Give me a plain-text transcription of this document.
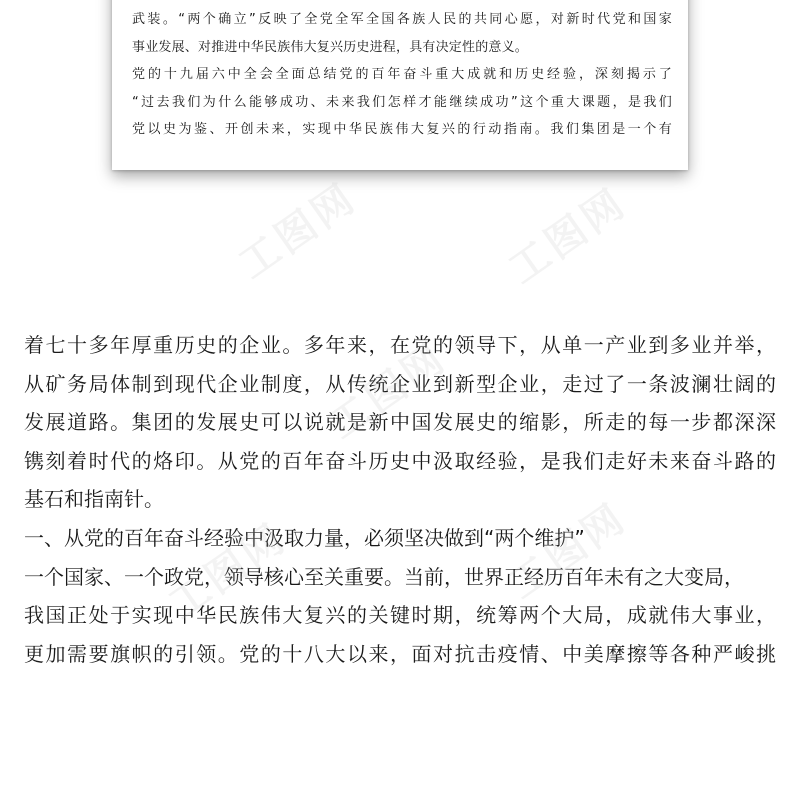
武装。“两个确立”反映了全党全军全国各族人民的共同心愿，对新时代党和国家
事业发展、对推进中华民族伟大复兴历史进程，具有决定性的意义。
党的十九届六中全会全面总结党的百年奋斗重大成就和历史经验，深刻揭示了
“过去我们为什么能够成功、未来我们怎样才能继续成功”这个重大课题，是我们
党以史为鉴、开创未来，实现中华民族伟大复兴的行动指南。我们集团是一个有
着七十多年厚重历史的企业。多年来，在党的领导下，从单一产业到多业并举，
从矿务局体制到现代企业制度，从传统企业到新型企业，走过了一条波澜壮阔的
发展道路。集团的发展史可以说就是新中国发展史的缩影，所走的每一步都深深
镌刻着时代的烙印。从党的百年奋斗历史中汲取经验，是我们走好未来奋斗路的
基石和指南针。
一、从党的百年奋斗经验中汲取力量，必须坚决做到“两个维护”
一个国家、一个政党，领导核心至关重要。当前，世界正经历百年未有之大变局，
我国正处于实现中华民族伟大复兴的关键时期，统筹两个大局，成就伟大事业，
更加需要旗帜的引领。党的十八大以来，面对抗击疫情、中美摩擦等各种严峻挑
工图网	工图网
工图网
工图网	工图网
